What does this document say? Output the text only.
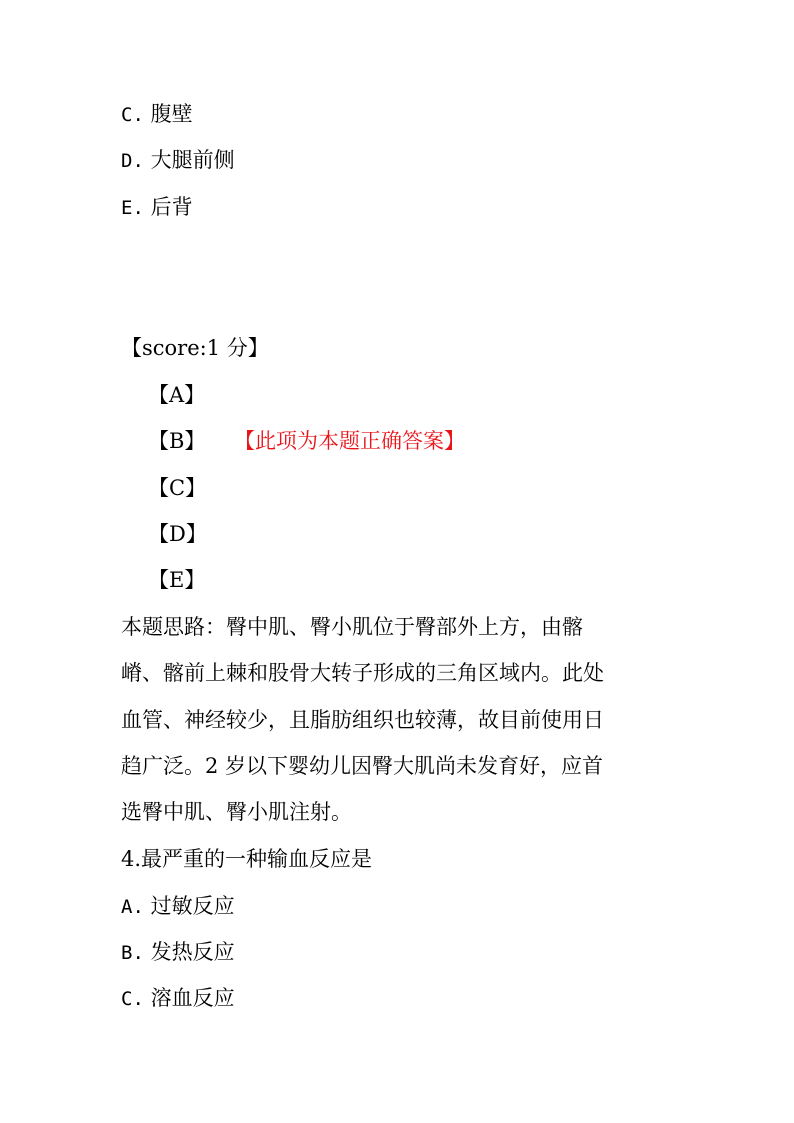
C. 腹壁
D. 大腿前侧
E. 后背
【score:1 分】
【A】
【B】 【此项为本题正确答案】
【C】
【D】
【E】
本题思路：臀中肌、臀小肌位于臀部外上方，由髂
嵴、髂前上棘和股骨大转子形成的三角区域内。此处
血管、神经较少，且脂肪组织也较薄，故目前使用日
趋广泛。2 岁以下婴幼儿因臀大肌尚未发育好，应首
选臀中肌、臀小肌注射。
4.最严重的一种输血反应是
A. 过敏反应
B. 发热反应
C. 溶血反应
